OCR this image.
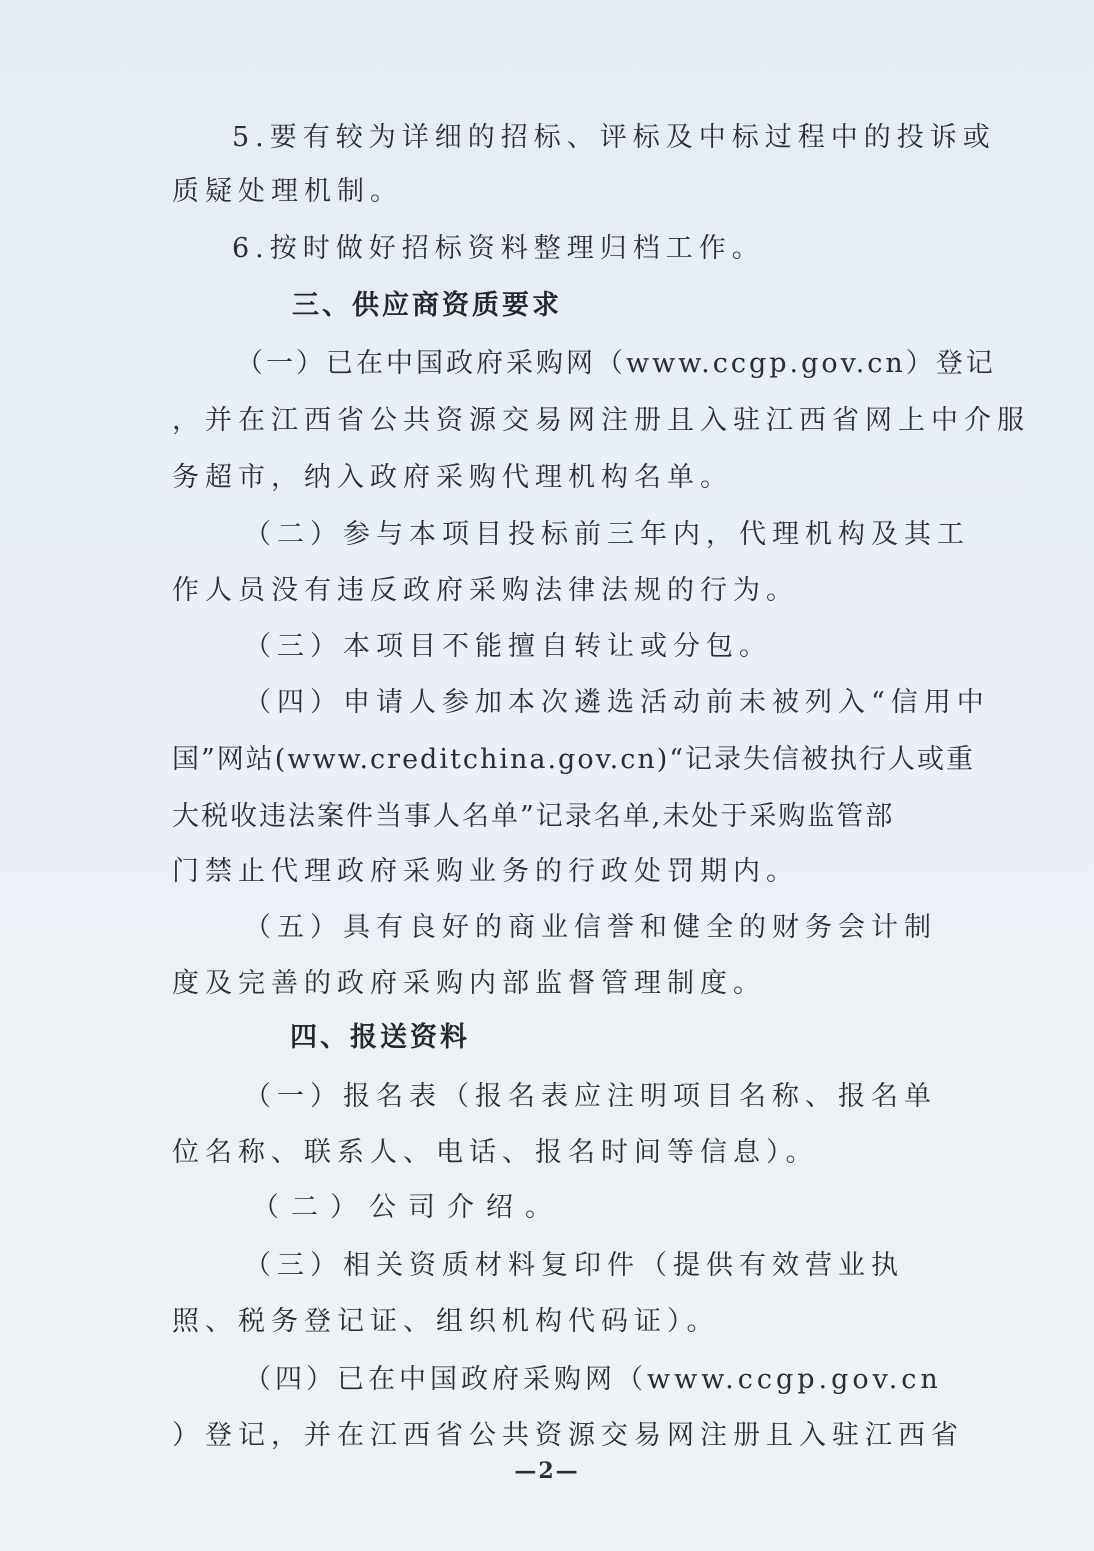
5.要有较为详细的招标、评标及中标过程中的投诉或
质疑处理机制。
6.按时做好招标资料整理归档工作。
三、供应商资质要求
（一）已在中国政府采购网（www.ccgp.gov.cn）登记
，并在江西省公共资源交易网注册且入驻江西省网上中介服
务超市，纳入政府采购代理机构名单。
（二）参与本项目投标前三年内，代理机构及其工
作人员没有违反政府采购法律法规的行为。
（三）本项目不能擅自转让或分包。
（四）申请人参加本次遴选活动前未被列入“信用中
国”网站(www.creditchina.gov.cn)“记录失信被执行人或重
大税收违法案件当事人名单”记录名单,未处于采购监管部
门禁止代理政府采购业务的行政处罚期内。
（五）具有良好的商业信誉和健全的财务会计制
度及完善的政府采购内部监督管理制度。
四、报送资料
（一）报名表（报名表应注明项目名称、报名单
位名称、联系人、电话、报名时间等信息）。
（二）公司介绍。
（三）相关资质材料复印件（提供有效营业执
照、税务登记证、组织机构代码证）。
（四）已在中国政府采购网（www.ccgp.gov.cn
）登记，并在江西省公共资源交易网注册且入驻江西省
—2—
